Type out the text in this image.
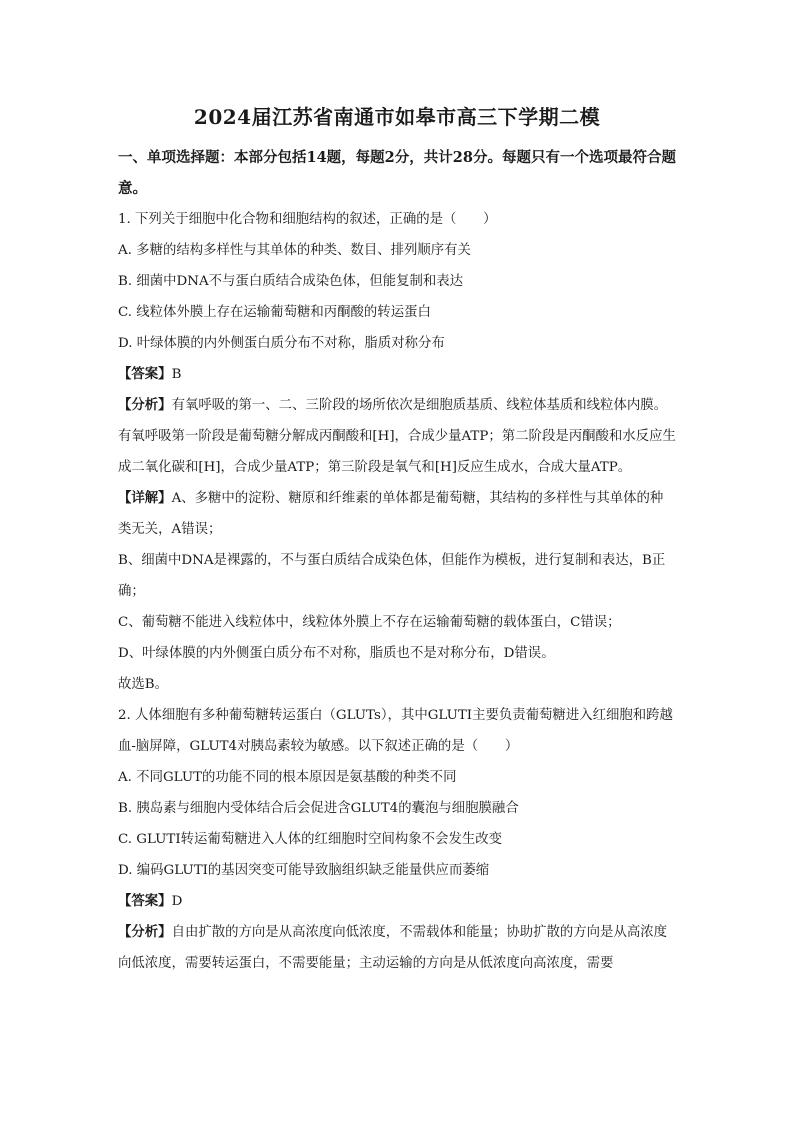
2024届江苏省南通市如皋市高三下学期二模

一、单项选择题：本部分包括14题，每题2分，共计28分。每题只有一个选项最符合题意。

1. 下列关于细胞中化合物和细胞结构的叙述，正确的是（　　）

A. 多糖的结构多样性与其单体的种类、数目、排列顺序有关

B. 细菌中DNA不与蛋白质结合成染色体，但能复制和表达

C. 线粒体外膜上存在运输葡萄糖和丙酮酸的转运蛋白

D. 叶绿体膜的内外侧蛋白质分布不对称，脂质对称分布

【答案】B

【分析】有氧呼吸的第一、二、三阶段的场所依次是细胞质基质、线粒体基质和线粒体内膜。有氧呼吸第一阶段是葡萄糖分解成丙酮酸和[H]，合成少量ATP；第二阶段是丙酮酸和水反应生成二氧化碳和[H]，合成少量ATP；第三阶段是氧气和[H]反应生成水，合成大量ATP。

【详解】A、多糖中的淀粉、糖原和纤维素的单体都是葡萄糖，其结构的多样性与其单体的种类无关，A错误；

B、细菌中DNA是裸露的，不与蛋白质结合成染色体，但能作为模板，进行复制和表达，B正确；

C、葡萄糖不能进入线粒体中，线粒体外膜上不存在运输葡萄糖的载体蛋白，C错误；

D、叶绿体膜的内外侧蛋白质分布不对称，脂质也不是对称分布，D错误。

故选B。

2. 人体细胞有多种葡萄糖转运蛋白（GLUTs），其中GLUTI主要负责葡萄糖进入红细胞和跨越血-脑屏障，GLUT4对胰岛素较为敏感。以下叙述正确的是（　　）

A. 不同GLUT的功能不同的根本原因是氨基酸的种类不同

B. 胰岛素与细胞内受体结合后会促进含GLUT4的囊泡与细胞膜融合

C. GLUTI转运葡萄糖进入人体的红细胞时空间构象不会发生改变

D. 编码GLUTI的基因突变可能导致脑组织缺乏能量供应而萎缩

【答案】D

【分析】自由扩散的方向是从高浓度向低浓度，不需载体和能量；协助扩散的方向是从高浓度向低浓度，需要转运蛋白，不需要能量；主动运输的方向是从低浓度向高浓度，需要
